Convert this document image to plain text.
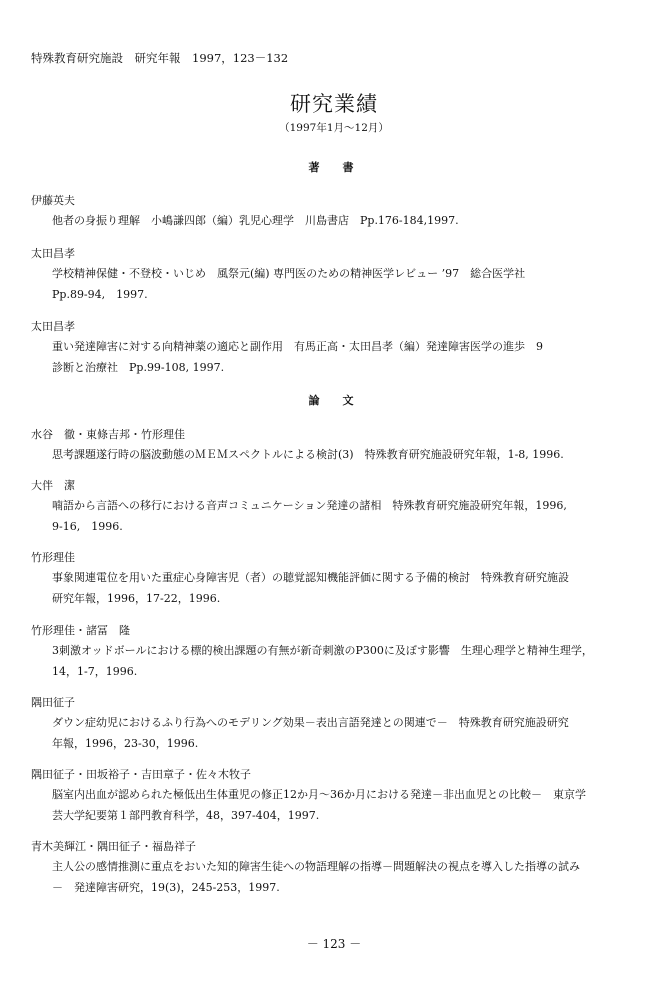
特殊教育研究施設　研究年報　1997，123－132
研究業績
（1997年1月～12月）
著　書
伊藤英夫
他者の身振り理解　小嶋謙四郎（編）乳児心理学　川島書店　Pp.176-184,1997.
太田昌孝
学校精神保健・不登校・いじめ　風祭元(編) 専門医のための精神医学レビュー ’97　総合医学社
Pp.89-94,　1997.
太田昌孝
重い発達障害に対する向精神薬の適応と副作用　有馬正高・太田昌孝（編）発達障害医学の進歩　9
診断と治療社　Pp.99-108, 1997.
論　文
水谷　徹・東條吉邦・竹形理佳
思考課題遂行時の脳波動態のＭＥＭスペクトルによる検討(3)　特殊教育研究施設研究年報，1-8, 1996.
大伴　潔
喃語から言語への移行における音声コミュニケーション発達の諸相　特殊教育研究施設研究年報，1996,
9-16,　1996.
竹形理佳
事象関連電位を用いた重症心身障害児（者）の聴覚認知機能評価に関する予備的検討　特殊教育研究施設
研究年報，1996，17-22，1996.
竹形理佳・諸冨　隆
3刺激オッドボールにおける標的検出課題の有無が新奇刺激のP300に及ぼす影響　生理心理学と精神生理学，
14，1-7，1996.
隅田征子
ダウン症幼児におけるふり行為へのモデリング効果－表出言語発達との関連で－　特殊教育研究施設研究
年報，1996，23-30，1996.
隅田征子・田坂裕子・吉田章子・佐々木牧子
脳室内出血が認められた極低出生体重児の修正12か月～36か月における発達－非出血児との比較－　東京学
芸大学紀要第１部門教育科学，48，397-404，1997.
青木美輝江・隅田征子・福島祥子
主人公の感情推測に重点をおいた知的障害生徒への物語理解の指導－問題解決の視点を導入した指導の試み
－　発達障害研究，19(3)，245-253，1997.
－ 123 －
